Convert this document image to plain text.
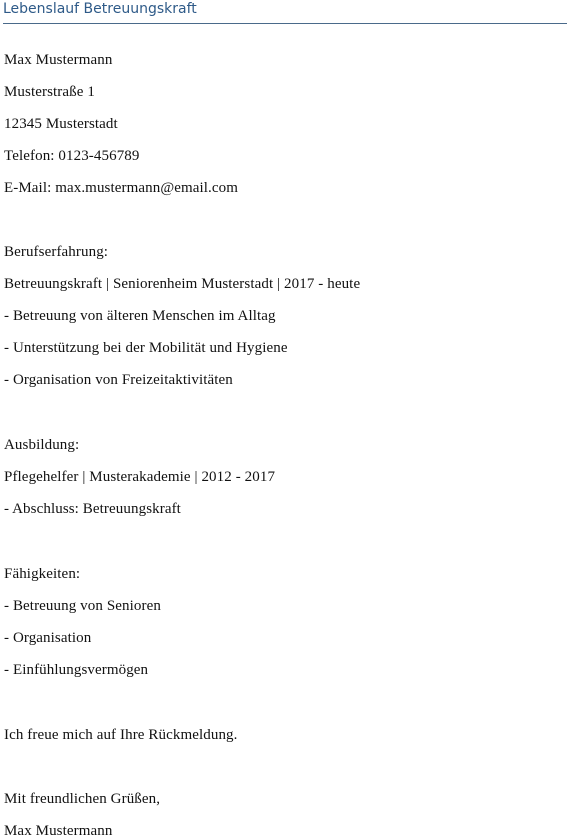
Lebenslauf Betreuungskraft
Max Mustermann
Musterstraße 1
12345 Musterstadt
Telefon: 0123-456789
E-Mail: max.mustermann@email.com
Berufserfahrung:
Betreuungskraft | Seniorenheim Musterstadt | 2017 - heute
- Betreuung von älteren Menschen im Alltag
- Unterstützung bei der Mobilität und Hygiene
- Organisation von Freizeitaktivitäten
Ausbildung:
Pflegehelfer | Musterakademie | 2012 - 2017
- Abschluss: Betreuungskraft
Fähigkeiten:
- Betreuung von Senioren
- Organisation
- Einfühlungsvermögen
Ich freue mich auf Ihre Rückmeldung.
Mit freundlichen Grüßen,
Max Mustermann
